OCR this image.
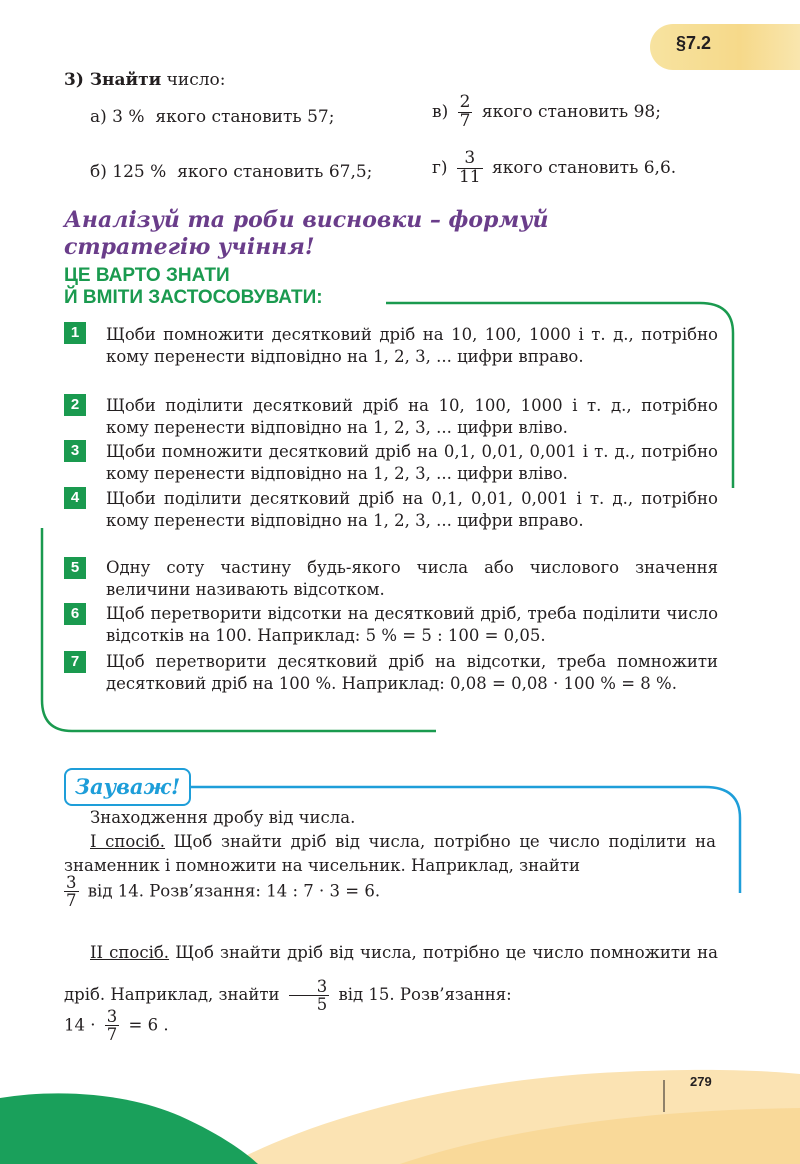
§7.2
3) Знайти число:
а) 3 % якого становить 57;
б) 125 % якого становить 67,5;
$в) \frac{2}{7}$ якого становить 98;
$г) \frac{3}{11}$ якого становить 6,6.
Аналізуй та роби висновки – формуй стратегію учіння!
ЦЕ ВАРТО ЗНАТИ
Й ВМІТИ ЗАСТОСОВУВАТИ:
1	Щоби помножити десятковий дріб на 10, 100, 1000 і т. д., потрібно кому перенести відповідно на 1, 2, 3, ... цифри вправо.
2	Щоби поділити десятковий дріб на 10, 100, 1000 і т. д., потрібно кому перенести відповідно на 1, 2, 3, ... цифри вліво.
3	Щоби помножити десятковий дріб на 0,1, 0,01, 0,001 і т. д., потрібно кому перенести відповідно на 1, 2, 3, ... цифри вліво.
4	Щоби поділити десятковий дріб на 0,1, 0,01, 0,001 і т. д., потрібно кому перенести відповідно на 1, 2, 3, ... цифри вправо.
5	Одну соту частину будь-якого числа або числового значення величини називають відсотком.
6	Щоб перетворити відсотки на десятковий дріб, треба поділити число відсотків на 100. Наприклад: 5 % = 5 : 100 = 0,05.
7	Щоб перетворити десятковий дріб на відсотки, треба помножити десятковий дріб на 100 %. Наприклад: 0,08 = 0,08 · 100 % = 8 %.
Зауваж!
Знаходження дробу від числа.
І спосіб. Щоб знайти дріб від числа, потрібно це число поділити на знаменник і помножити на чисельник. Наприклад, знайти
$\frac{3}{7}$ від 14. Розв’язання: 14 : 7 · 3 = 6.
ІІ спосіб. Щоб знайти дріб від числа, потрібно це число помножити на дріб. Наприклад, знайти $\frac{3}{5}$ від 15. Розв’язання:
$14 \cdot \frac{3}{7} = 6$ .
279
